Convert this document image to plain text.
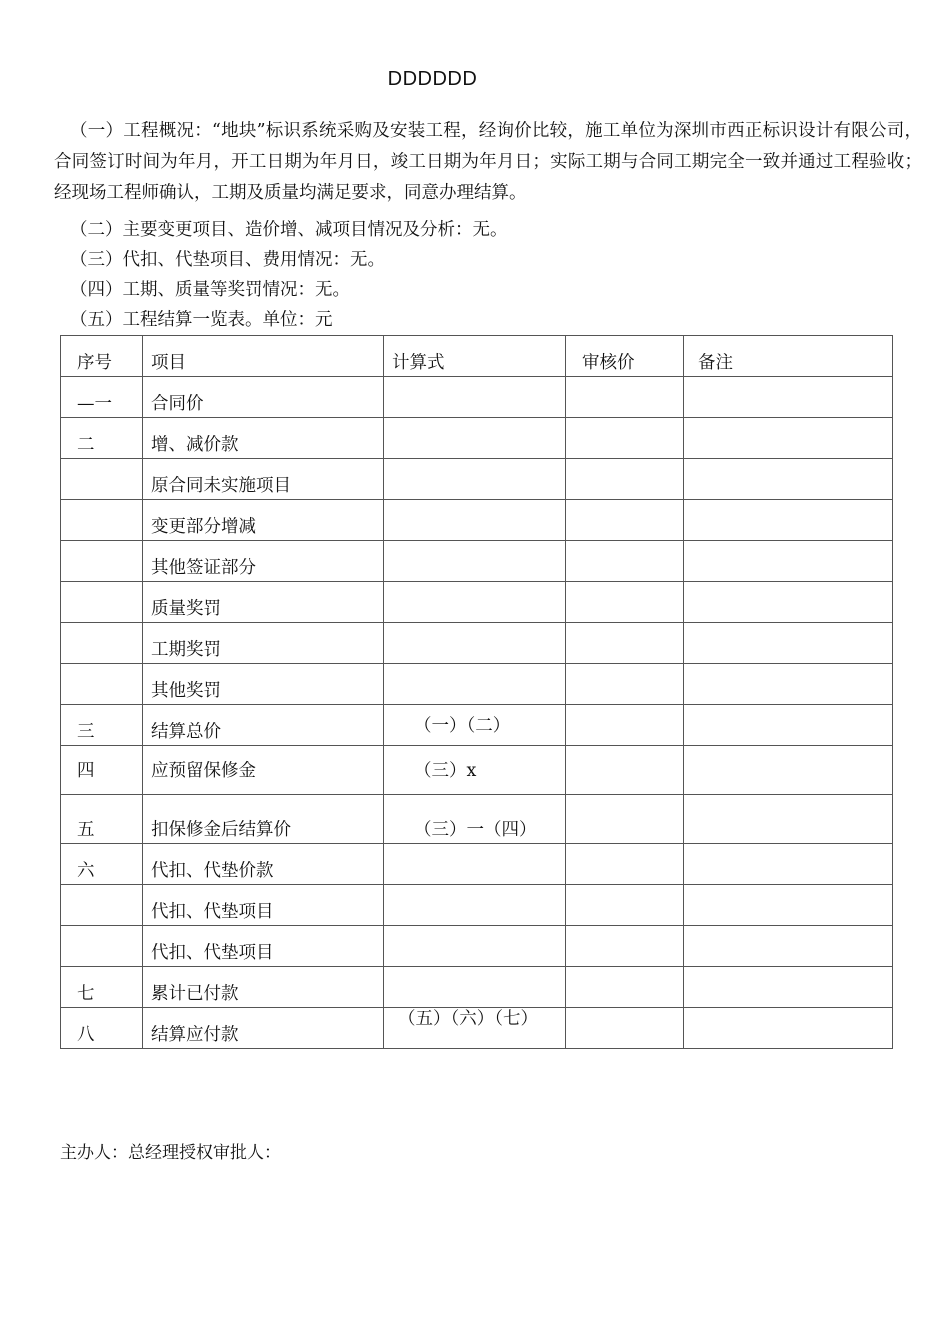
DDDDDD
（一）工程概况：“地块”标识系统采购及安装工程，经询价比较，施工单位为深圳市西正标识设计有限公司，合同签订时间为年月，开工日期为年月日，竣工日期为年月日；实际工期与合同工期完全一致并通过工程验收；经现场工程师确认，工期及质量均满足要求，同意办理结算。
（二）主要变更项目、造价增、减项目情况及分析：无。
（三）代扣、代垫项目、费用情况：无。
（四）工期、质量等奖罚情况：无。
（五）工程结算一览表。单位：元
序号	项目	计算式	审核价	备注
—一	合同价			
二	增、减价款			
	原合同未实施项目			
	变更部分增减			
	其他签证部分			
	质量奖罚			
	工期奖罚			
	其他奖罚			
三	结算总价	（一）（二）		
四	应预留保修金	（三）x		
五	扣保修金后结算价	（三）一（四）		
六	代扣、代垫价款			
	代扣、代垫项目			
	代扣、代垫项目			
七	累计已付款			
八	结算应付款	（五）（六）（七）		
主办人：总经理授权审批人：
